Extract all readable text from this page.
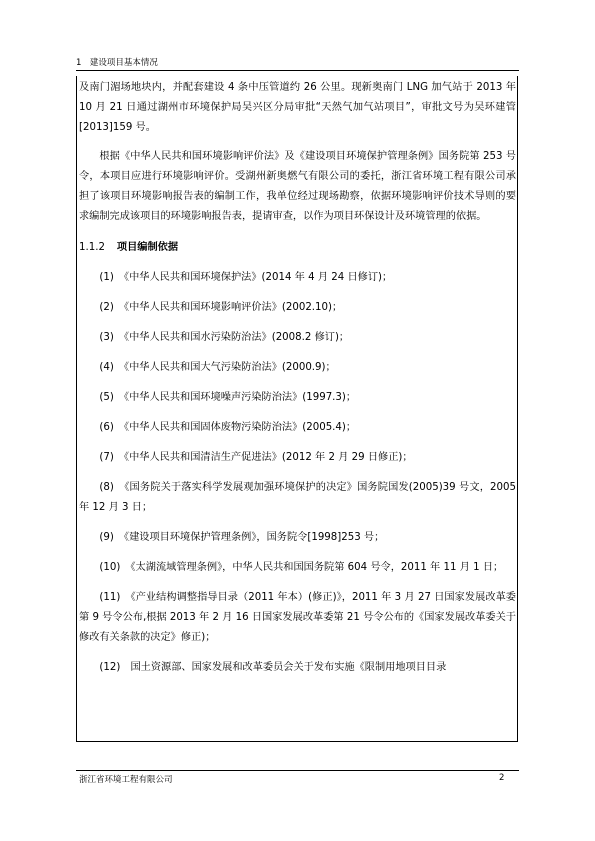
1　建设项目基本情况

及南门湄场地块内，并配套建设 4 条中压管道约 26 公里。现新奥南门 LNG 加气站于 2013 年 10 月 21 日通过湖州市环境保护局吴兴区分局审批“天然气加气站项目”，审批文号为吴环建管[2013]159 号。

根据《中华人民共和国环境影响评价法》及《建设项目环境保护管理条例》国务院第 253 号令，本项目应进行环境影响评价。受湖州新奥燃气有限公司的委托，浙江省环境工程有限公司承担了该项目环境影响报告表的编制工作，我单位经过现场勘察，依据环境影响评价技术导则的要求编制完成该项目的环境影响报告表，提请审查，以作为项目环保设计及环境管理的依据。

1.1.2 项目编制依据

(1)　《中华人民共和国环境保护法》(2014 年 4 月 24 日修订)；

(2)　《中华人民共和国环境影响评价法》(2002.10)；

(3)　《中华人民共和国水污染防治法》(2008.2 修订)；

(4)　《中华人民共和国大气污染防治法》(2000.9)；

(5)　《中华人民共和国环境噪声污染防治法》(1997.3)；

(6)　《中华人民共和国固体废物污染防治法》(2005.4)；

(7)　《中华人民共和国清洁生产促进法》(2012 年 2 月 29 日修正)；

(8)　《国务院关于落实科学发展观加强环境保护的决定》国务院国发(2005)39 号文，2005 年 12 月 3 日；

(9)　《建设项目环境保护管理条例》，国务院令[1998]253 号；

(10)　《太湖流域管理条例》，中华人民共和国国务院第 604 号令，2011 年 11 月 1 日；

(11)　《产业结构调整指导目录（2011 年本）(修正)》，2011 年 3 月 27 日国家发展改革委第 9 号令公布,根据 2013 年 2 月 16 日国家发展改革委第 21 号令公布的《国家发展改革委关于修改有关条款的决定》修正)；

(12)　国土资源部、国家发展和改革委员会关于发布实施《限制用地项目目录

浙江省环境工程有限公司	2
